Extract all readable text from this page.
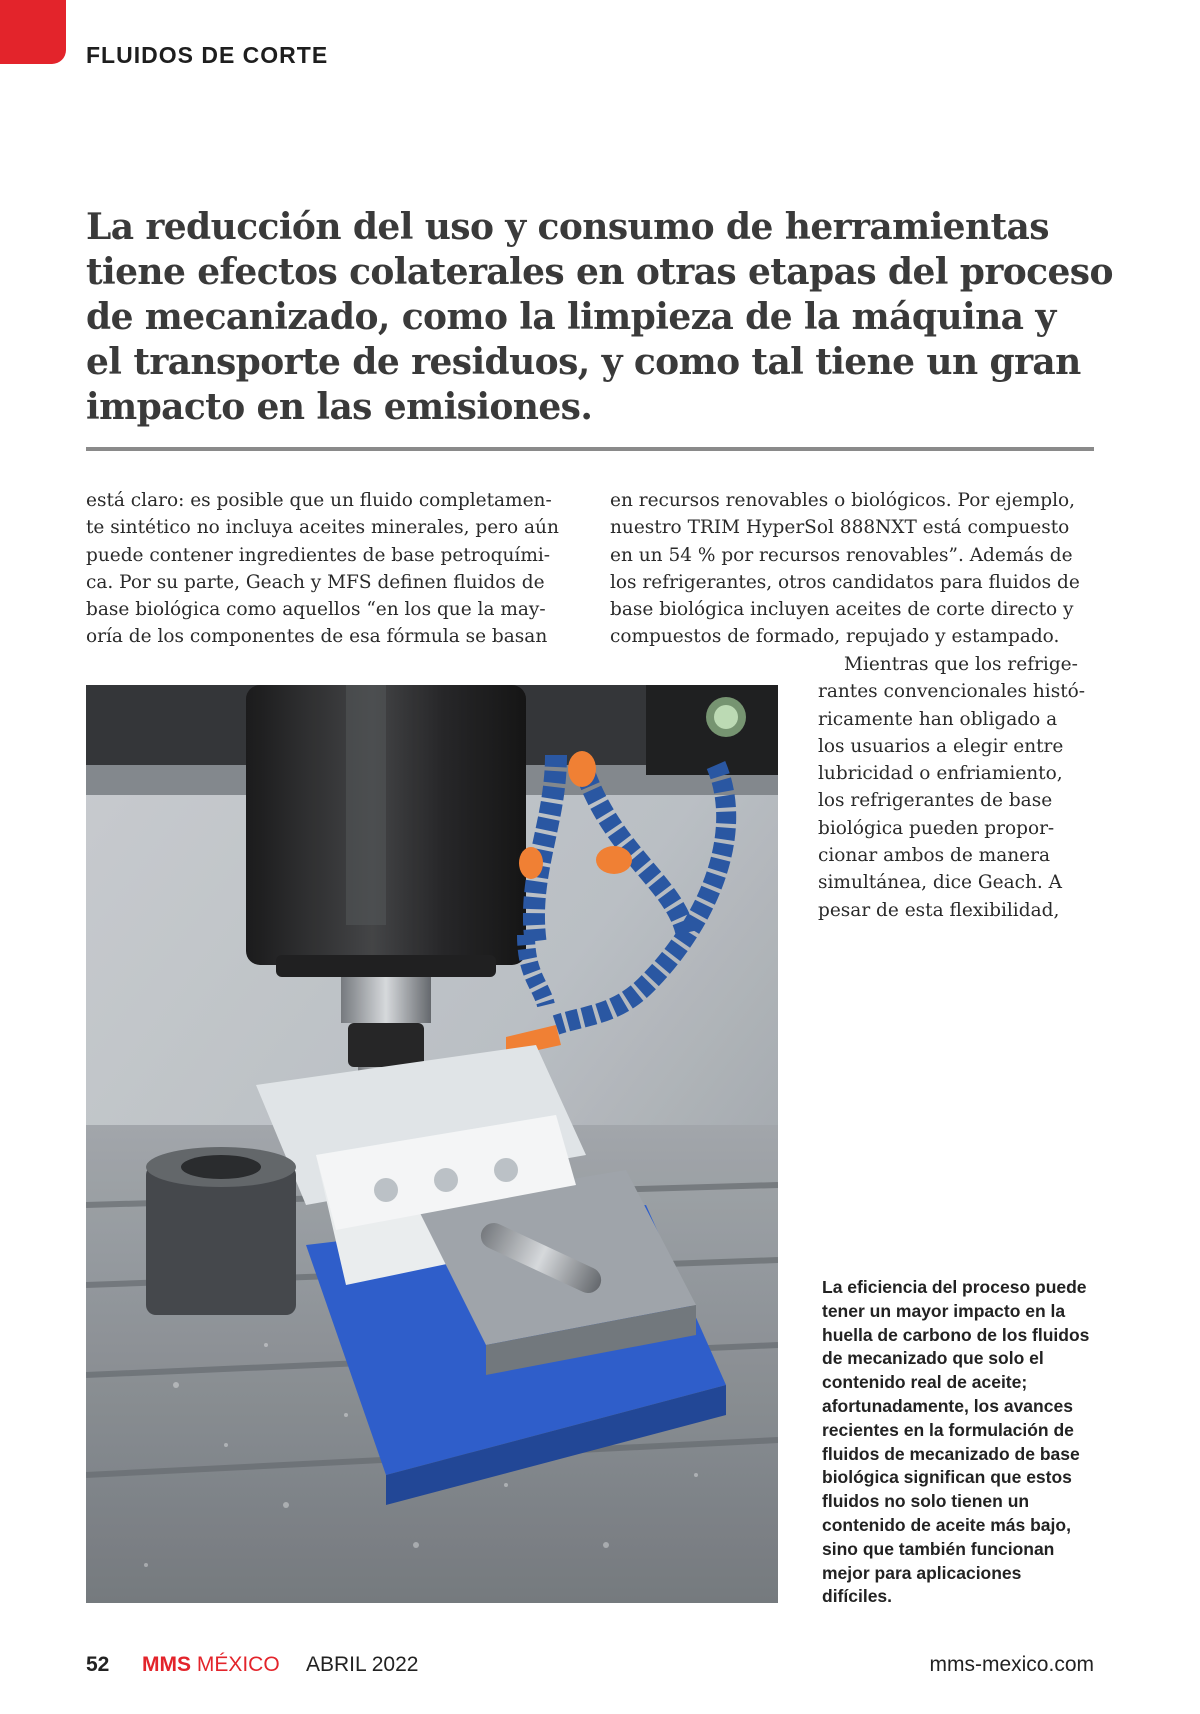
FLUIDOS DE CORTE
La reducción del uso y consumo de herramientas
tiene efectos colaterales en otras etapas del proceso
de mecanizado, como la limpieza de la máquina y
el transporte de residuos, y como tal tiene un gran
impacto en las emisiones.
está claro: es posible que un fluido completamen-
te sintético no incluya aceites minerales, pero aún
puede contener ingredientes de base petroquími-
ca. Por su parte, Geach y MFS definen fluidos de
base biológica como aquellos “en los que la may-
oría de los componentes de esa fórmula se basan
en recursos renovables o biológicos. Por ejemplo,
nuestro TRIM HyperSol 888NXT está compuesto
en un 54 % por recursos renovables”. Además de
los refrigerantes, otros candidatos para fluidos de
base biológica incluyen aceites de corte directo y
compuestos de formado, repujado y estampado.
Mientras que los refrige-
rantes convencionales histó-
ricamente han obligado a
los usuarios a elegir entre
lubricidad o enfriamiento,
los refrigerantes de base
biológica pueden propor-
cionar ambos de manera
simultánea, dice Geach. A
pesar de esta flexibilidad,
La eficiencia del proceso puede
tener un mayor impacto en la
huella de carbono de los fluidos
de mecanizado que solo el
contenido real de aceite;
afortunadamente, los avances
recientes en la formulación de
fluidos de mecanizado de base
biológica significan que estos
fluidos no solo tienen un
contenido de aceite más bajo,
sino que también funcionan
mejor para aplicaciones
difíciles.
52 MMS MÉXICO ABRIL 2022	mms-mexico.com
